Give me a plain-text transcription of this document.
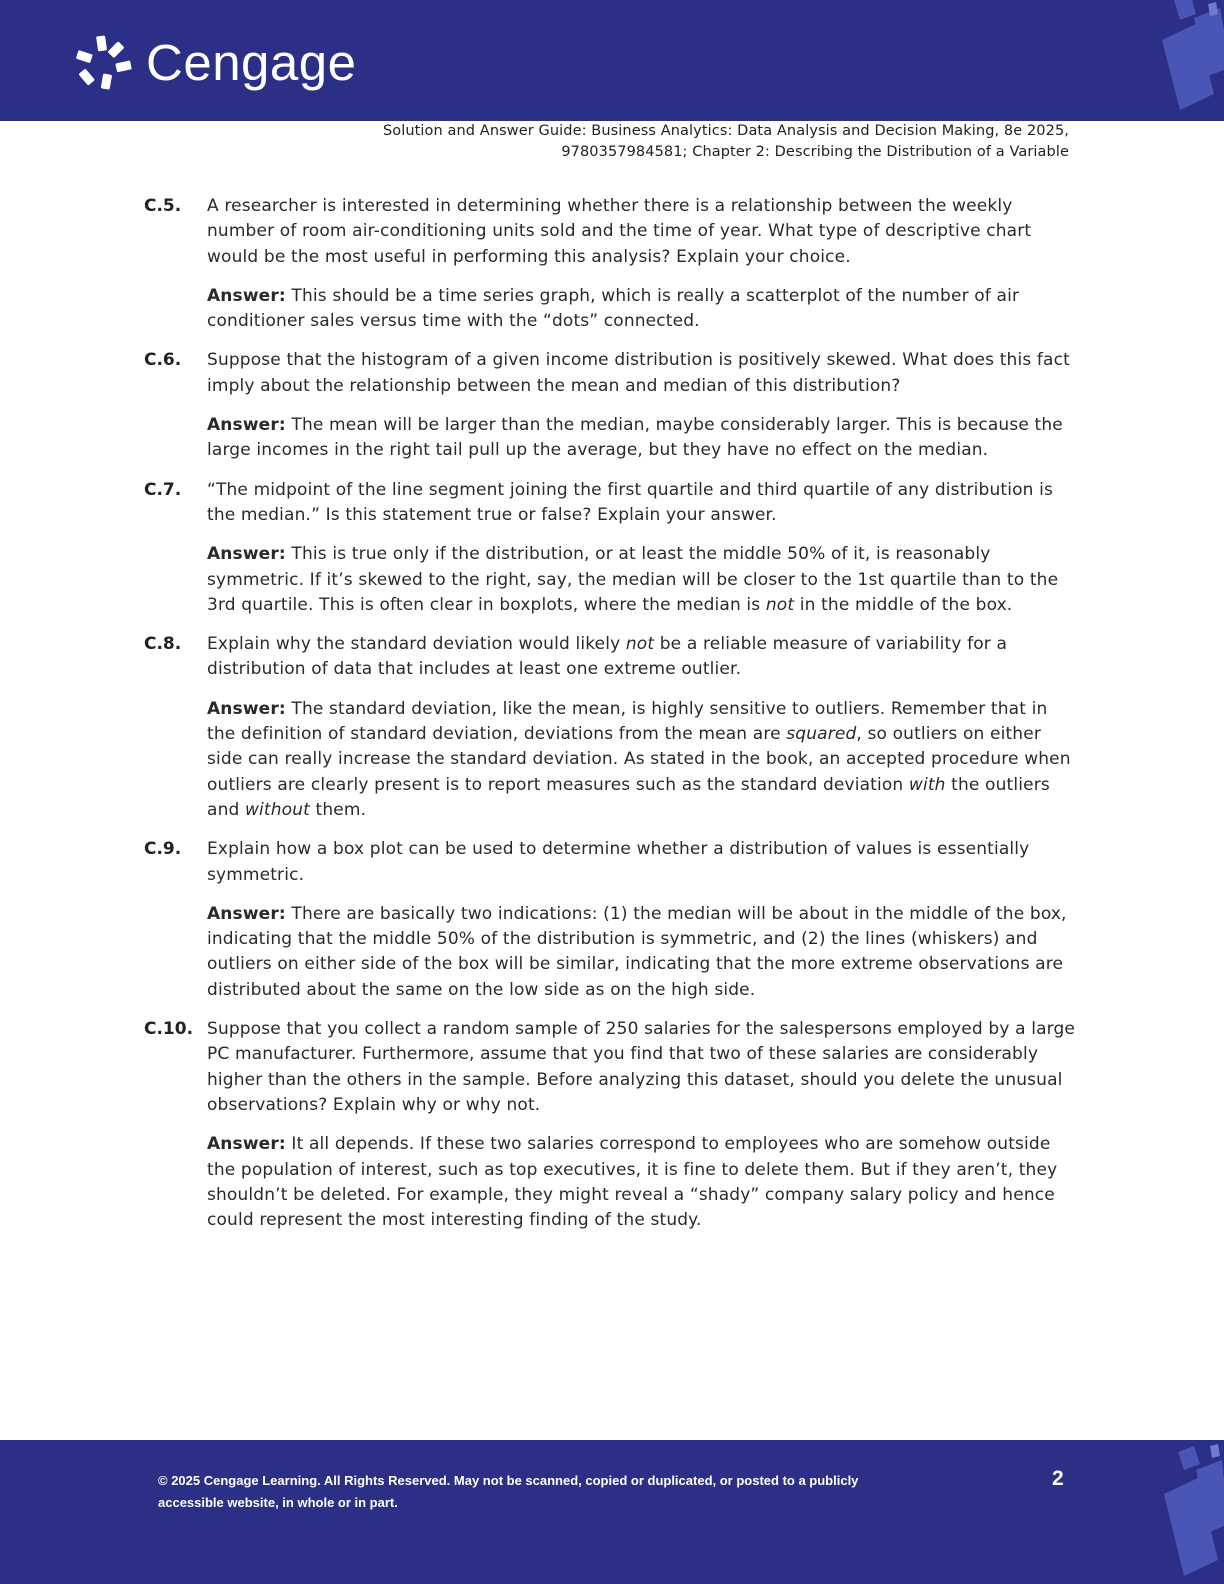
Cengage
Solution and Answer Guide: Business Analytics: Data Analysis and Decision Making, 8e 2025,
9780357984581; Chapter 2: Describing the Distribution of a Variable
C.5.	A researcher is interested in determining whether there is a relationship between the weekly number of room air-conditioning units sold and the time of year. What type of descriptive chart would be the most useful in performing this analysis? Explain your choice.
Answer: This should be a time series graph, which is really a scatterplot of the number of air conditioner sales versus time with the “dots” connected.
C.6.	Suppose that the histogram of a given income distribution is positively skewed. What does this fact imply about the relationship between the mean and median of this distribution?
Answer: The mean will be larger than the median, maybe considerably larger. This is because the large incomes in the right tail pull up the average, but they have no effect on the median.
C.7.	“The midpoint of the line segment joining the first quartile and third quartile of any distribution is the median.” Is this statement true or false? Explain your answer.
Answer: This is true only if the distribution, or at least the middle 50% of it, is reasonably symmetric. If it’s skewed to the right, say, the median will be closer to the 1st quartile than to the 3rd quartile. This is often clear in boxplots, where the median is not in the middle of the box.
C.8.	Explain why the standard deviation would likely not be a reliable measure of variability for a distribution of data that includes at least one extreme outlier.
Answer: The standard deviation, like the mean, is highly sensitive to outliers. Remember that in the definition of standard deviation, deviations from the mean are squared, so outliers on either side can really increase the standard deviation. As stated in the book, an accepted procedure when outliers are clearly present is to report measures such as the standard deviation with the outliers and without them.
C.9.	Explain how a box plot can be used to determine whether a distribution of values is essentially symmetric.
Answer: There are basically two indications: (1) the median will be about in the middle of the box, indicating that the middle 50% of the distribution is symmetric, and (2) the lines (whiskers) and outliers on either side of the box will be similar, indicating that the more extreme observations are distributed about the same on the low side as on the high side.
C.10. Suppose that you collect a random sample of 250 salaries for the salespersons employed by a large PC manufacturer. Furthermore, assume that you find that two of these salaries are considerably higher than the others in the sample. Before analyzing this dataset, should you delete the unusual observations? Explain why or why not.
Answer: It all depends. If these two salaries correspond to employees who are somehow outside the population of interest, such as top executives, it is fine to delete them. But if they aren’t, they shouldn’t be deleted. For example, they might reveal a “shady” company salary policy and hence could represent the most interesting finding of the study.
© 2025 Cengage Learning. All Rights Reserved. May not be scanned, copied or duplicated, or posted to a publicly
accessible website, in whole or in part.
2
